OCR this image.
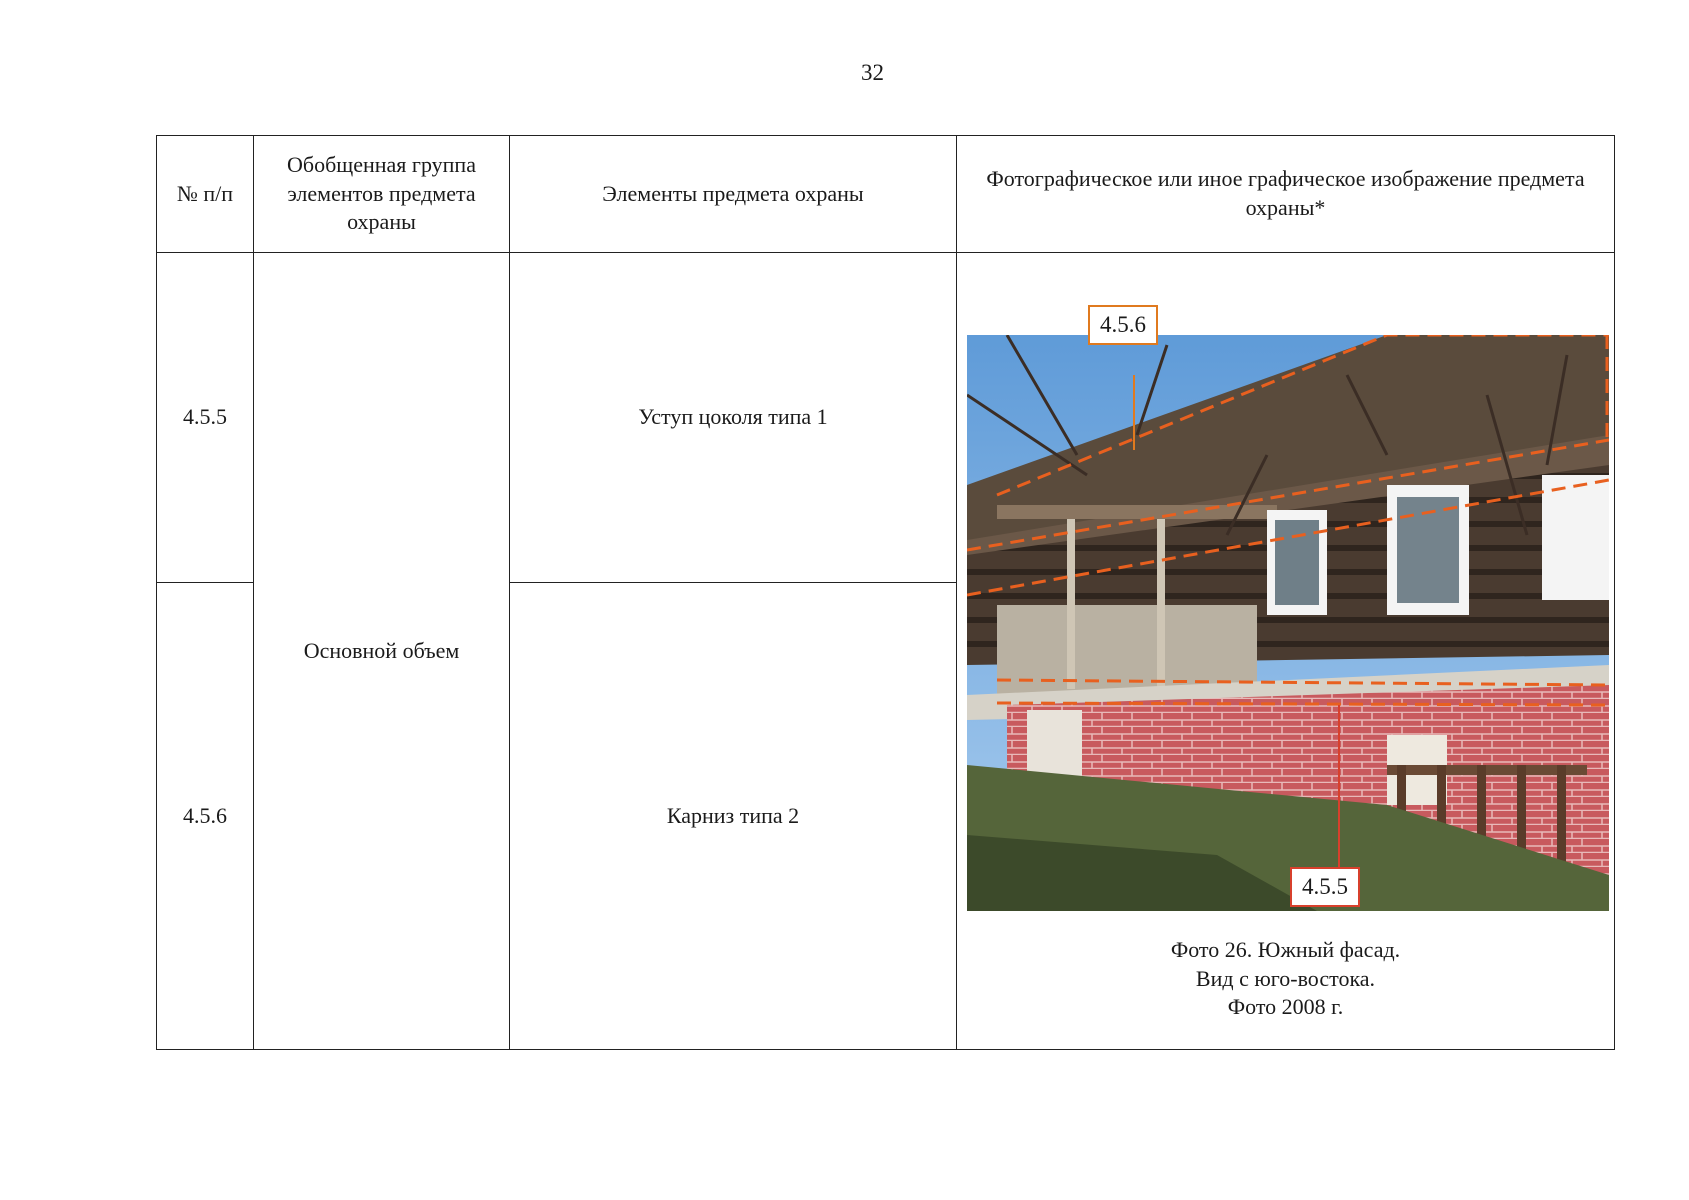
32
№ п/п	Обобщенная группа элементов предмета охраны	Элементы предмета охраны	Фотографическое или иное графическое изображение предмета охраны*
4.5.5	Основной объем	Уступ цоколя типа 1	4.5.6
4.5.5
Фото 26. Южный фасад.
Вид с юго-востока.
Фото 2008 г.

4.5.6		Карниз типа 2	
